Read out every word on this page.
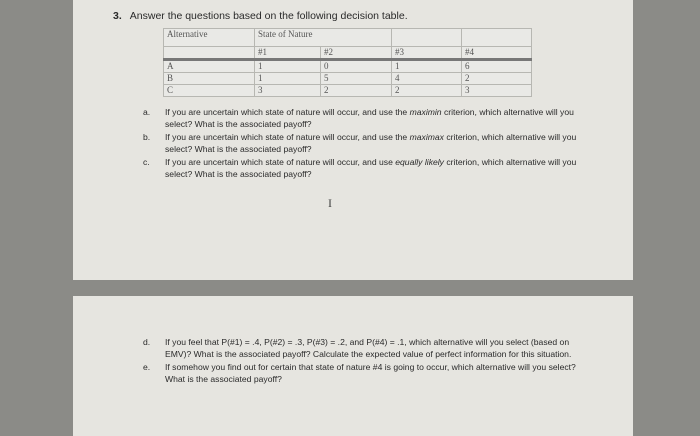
3. Answer the questions based on the following decision table.
Alternative	State of Nature			
	#1	#2	#3	#4
A	1	0	1	6
B	1	5	4	2
C	3	2	2	3
a.	If you are uncertain which state of nature will occur, and use the maximin criterion, which alternative will you select? What is the associated payoff?
b.	If you are uncertain which state of nature will occur, and use the maximax criterion, which alternative will you select? What is the associated payoff?
c.	If you are uncertain which state of nature will occur, and use equally likely criterion, which alternative will you select? What is the associated payoff?
I
d.	If you feel that P(#1) = .4, P(#2) = .3, P(#3) = .2, and P(#4) = .1, which alternative will you select (based on EMV)? What is the associated payoff? Calculate the expected value of perfect information for this situation.
e.	If somehow you find out for certain that state of nature #4 is going to occur, which alternative will you select? What is the associated payoff?
